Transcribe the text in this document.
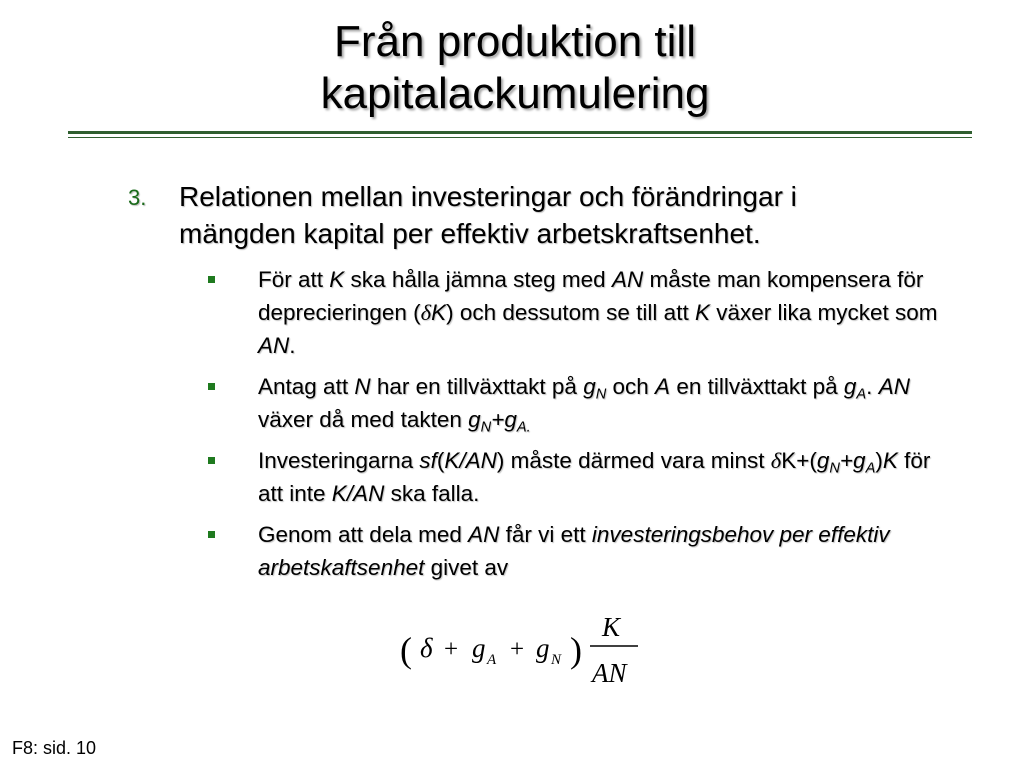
Från produktion till
kapitalackumulering
3. Relationen mellan investeringar och förändringar i
mängden kapital per effektiv arbetskraftsenhet.
För att K ska hålla jämna steg med AN måste man kompensera för deprecieringen (δK) och dessutom se till att K växer lika mycket som AN.
Antag att N har en tillväxttakt på $g_N$ och A en tillväxttakt på $g_A$. AN växer då med takten $g_N+g_{A.}$
Investeringarna sf(K/AN) måste därmed vara minst $\delta K+(g_N+g_A)K$ för att inte K/AN ska falla.
Genom att dela med AN får vi ett investeringsbehov per effektiv arbetskaftsenhet givet av
( δ + g A + g N )
K
AN
F8: sid. 10
